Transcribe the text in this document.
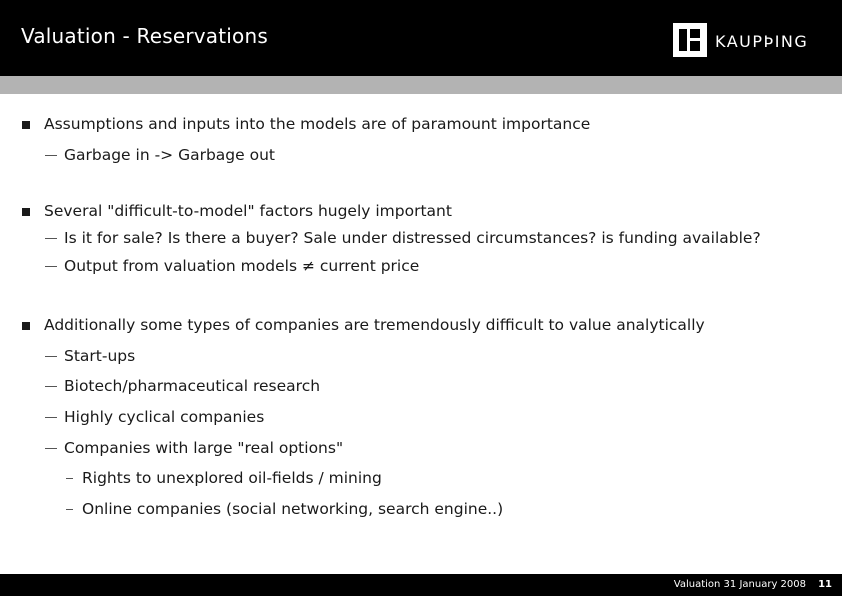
Valuation - Reservations	KAUPÞING
Assumptions and inputs into the models are of paramount importance
Garbage in -> Garbage out
Several "difficult-to-model" factors hugely important
Is it for sale? Is there a buyer? Sale under distressed circumstances? is funding available?
Output from valuation models ≠ current price
Additionally some types of companies are tremendously difficult to value analytically
Start-ups
Biotech/pharmaceutical research
Highly cyclical companies
Companies with large "real options"
Rights to unexplored oil-fields / mining
Online companies (social networking, search engine..)
Valuation 31 January 2008 11
